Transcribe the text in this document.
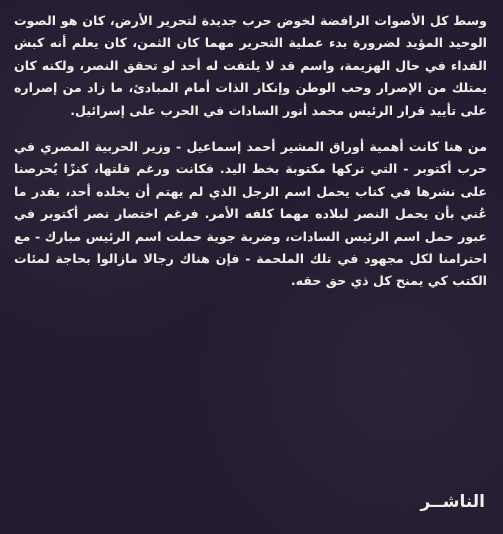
وسط كل الأصوات الرافضة لخوض حرب جديدة لتحرير الأرض، كان هو الصوت الوحيد المؤيد لضرورة بدء عملية التحرير مهما كان الثمن، كان يعلم أنه كبش الفداء في حال الهزيمة، واسم قد لا يلتفت له أحد لو تحقق النصر، ولكنه كان يمتلك من الإصرار وحب الوطن وإنكار الذات أمام المبادئ، ما زاد من إصراره على تأييد قرار الرئيس محمد أنور السادات في الحرب على إسرائيل.

من هنا كانت أهمية أوراق المشير أحمد إسماعيل - وزير الحربية المصري في حرب أكتوبر - التي تركها مكتوبة بخط اليد. فكانت ورغم قلتها، كنزًا يُحرصنا على نشرها في كتاب يحمل اسم الرجل الذي لم يهتم أن يخلده أحد، بقدر ما عُني بأن يحمل النصر لبلاده مهما كلفه الأمر. فرغم اختصار نصر أكتوبر في عبور حمل اسم الرئيس السادات، وضربة جوية حملت اسم الرئيس مبارك - مع احترامنا لكل مجهود في تلك الملحمة - فإن هناك رجالا مازالوا بحاجة لمئات الكتب كي يمنح كل ذي حق حقه.

الناشــر
